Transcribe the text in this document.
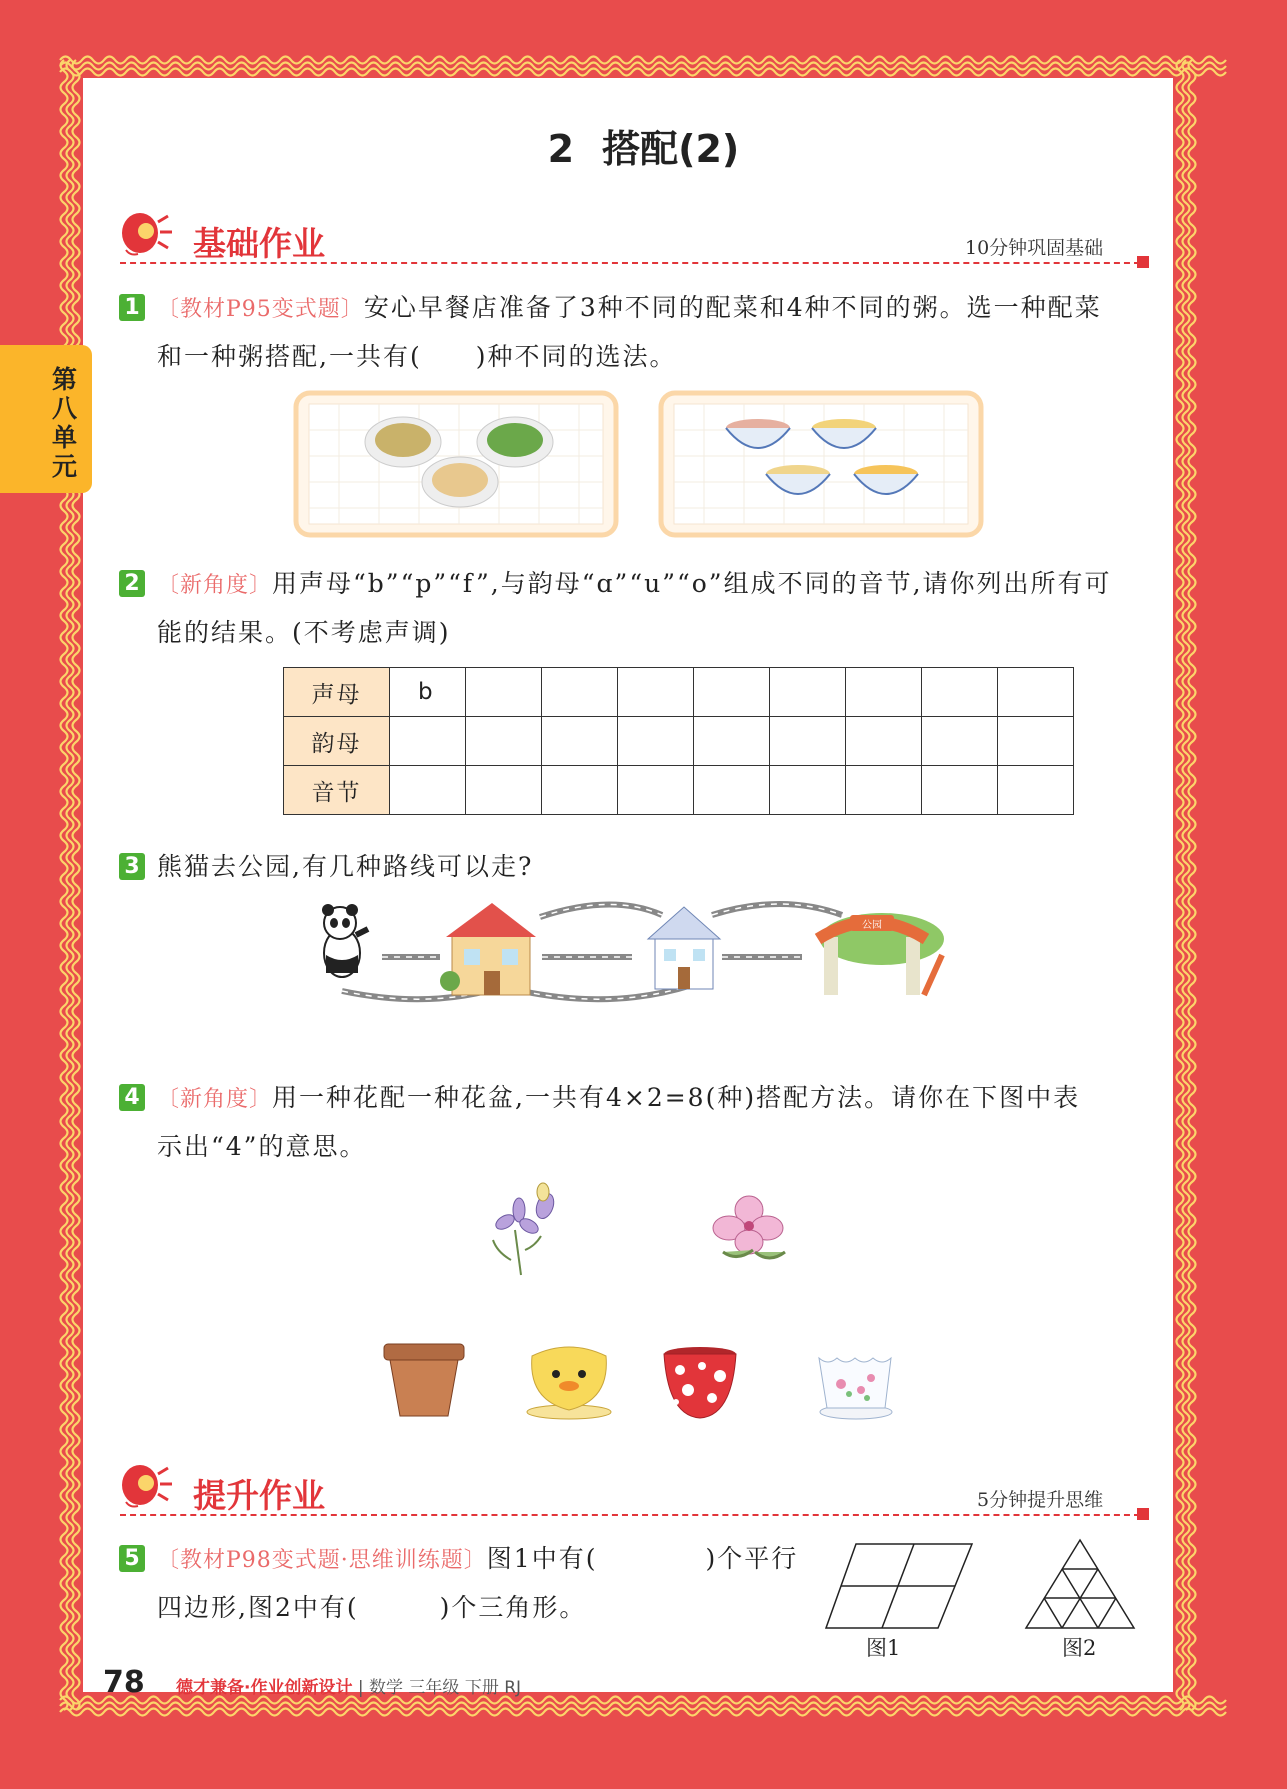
2 搭配(2)
第八单元
基础作业	10分钟巩固基础
1 〔教材P95变式题〕安心早餐店准备了3种不同的配菜和4种不同的粥。选一种配菜
和一种粥搭配,一共有(　　)种不同的选法。
2 〔新角度〕用声母“b”“p”“f”,与韵母“ɑ”“u”“o”组成不同的音节,请你列出所有可
能的结果。(不考虑声调)
声母	b								
韵母									
音节									
3 熊猫去公园,有几种路线可以走?
公园
4 〔新角度〕用一种花配一种花盆,一共有4×2=8(种)搭配方法。请你在下图中表
示出“4”的意思。
提升作业	5分钟提升思维
5 〔教材P98变式题·思维训练题〕图1中有(　　　　)个平行
四边形,图2中有(　　　)个三角形。
图1	图2
78 德才兼备·作业创新设计 | 数学 三年级 下册 RJ
